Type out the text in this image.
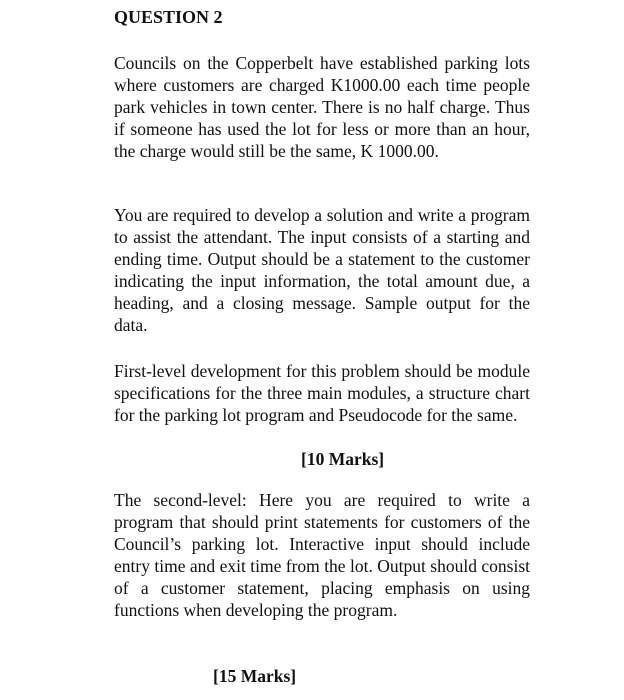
QUESTION 2

Councils on the Copperbelt have established parking lots where customers are charged K1000.00 each time people park vehicles in town center. There is no half charge. Thus if someone has used the lot for less or more than an hour, the charge would still be the same, K 1000.00.

You are required to develop a solution and write a program to assist the attendant. The input consists of a starting and ending time. Output should be a statement to the customer indicating the input information, the total amount due, a heading, and a closing message. Sample output for the data.

First-level development for this problem should be module specifications for the three main modules, a structure chart for the parking lot program and Pseudocode for the same.

[10 Marks]

The second-level: Here you are required to write a program that should print statements for customers of the Council’s parking lot. Interactive input should include entry time and exit time from the lot. Output should consist of a customer statement, placing emphasis on using functions when developing the program.

[15 Marks]
